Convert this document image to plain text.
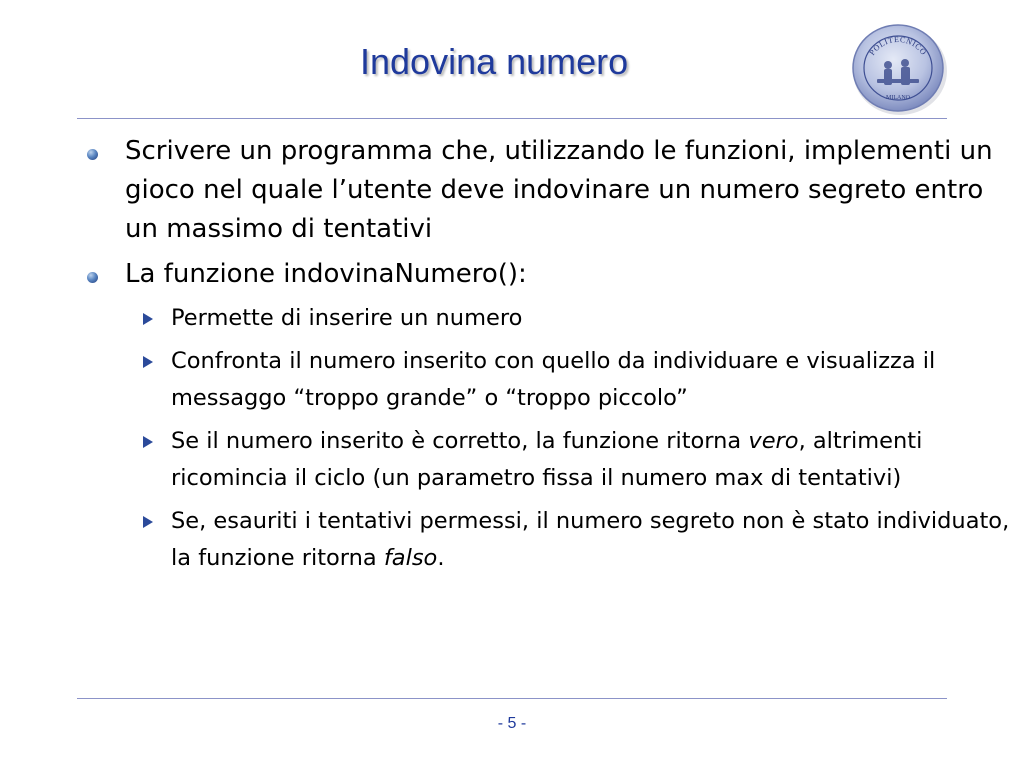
Indovina numero	POLITECNICO
MILANO
Scrivere un programma che, utilizzando le funzioni, implementi un gioco nel quale l’utente deve indovinare un numero segreto entro un massimo di tentativi
La funzione indovinaNumero():
Permette di inserire un numero
Confronta il numero inserito con quello da individuare e visualizza il messaggo “troppo grande” o “troppo piccolo”
Se il numero inserito è corretto, la funzione ritorna vero, altrimenti ricomincia il ciclo (un parametro fissa il numero max di tentativi)
Se, esauriti i tentativi permessi, il numero segreto non è stato individuato, la funzione ritorna falso.
- 5 -
